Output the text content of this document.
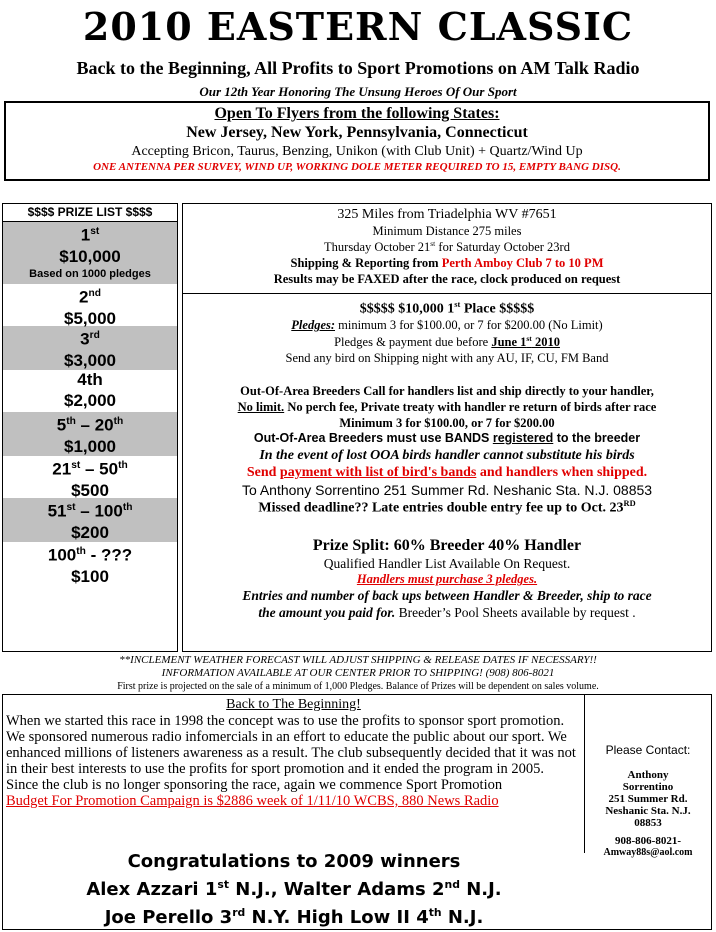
2010 EASTERN CLASSIC
Back to the Beginning, All Profits to Sport Promotions on AM Talk Radio
Our 12th Year Honoring The Unsung Heroes Of Our Sport
Open To Flyers from the following States:
New Jersey, New York, Pennsylvania, Connecticut
Accepting Bricon, Taurus, Benzing, Unikon (with Club Unit) + Quartz/Wind Up
ONE ANTENNA PER SURVEY, WIND UP, WORKING DOLE METER REQUIRED TO 15, EMPTY BANG DISQ.
$$$$ PRIZE LIST $$$$
1st
$10,000
Based on 1000 pledges
2nd
$5,000
3rd
$3,000
4th
$2,000
5th – 20th
$1,000
21st – 50th
$500
51st – 100th
$200
100th - ???
$100
325 Miles from Triadelphia WV #7651
Minimum Distance 275 miles
Thursday October 21st for Saturday October 23rd
Shipping & Reporting from Perth Amboy Club 7 to 10 PM
Results may be FAXED after the race, clock produced on request
$$$$$ $10,000 1st Place $$$$$
Pledges: minimum 3 for $100.00, or 7 for $200.00 (No Limit)
Pledges & payment due before June 1st 2010
Send any bird on Shipping night with any AU, IF, CU, FM Band
Out-Of-Area Breeders Call for handlers list and ship directly to your handler,
No limit. No perch fee, Private treaty with handler re return of birds after race
Minimum 3 for $100.00, or 7 for $200.00
Out-Of-Area Breeders must use BANDS registered to the breeder
In the event of lost OOA birds handler cannot substitute his birds
Send payment with list of bird's bands and handlers when shipped.
To Anthony Sorrentino 251 Summer Rd. Neshanic Sta. N.J. 08853
Missed deadline?? Late entries double entry fee up to Oct. 23RD
Prize Split: 60% Breeder 40% Handler
Qualified Handler List Available On Request.
Handlers must purchase 3 pledges.
Entries and number of back ups between Handler & Breeder, ship to race
the amount you paid for. Breeder’s Pool Sheets available by request .
**INCLEMENT WEATHER FORECAST WILL ADJUST SHIPPING & RELEASE DATES IF NECESSARY!!
INFORMATION AVAILABLE AT OUR CENTER PRIOR TO SHIPPING! (908) 806-8021
First prize is projected on the sale of a minimum of 1,000 Pledges. Balance of Prizes will be dependent on sales volume.
Back to The Beginning!
When we started this race in 1998 the concept was to use the profits to sponsor sport promotion. We sponsored numerous radio infomercials in an effort to educate the public about our sport. We enhanced millions of listeners awareness as a result. The club subsequently decided that it was not in their best interests to use the profits for sport promotion and it ended the program in 2005.
Since the club is no longer sponsoring the race, again we commence Sport Promotion
Budget For Promotion Campaign is $2886 week of 1/11/10 WCBS, 880 News Radio
Please Contact:
Anthony
Sorrentino
251 Summer Rd.
Neshanic Sta. N.J.
08853
908-806-8021-
Amway88s@aol.com
Congratulations to 2009 winners
Alex Azzari 1st N.J., Walter Adams 2nd N.J.
Joe Perello 3rd N.Y. High Low II 4th N.J.
